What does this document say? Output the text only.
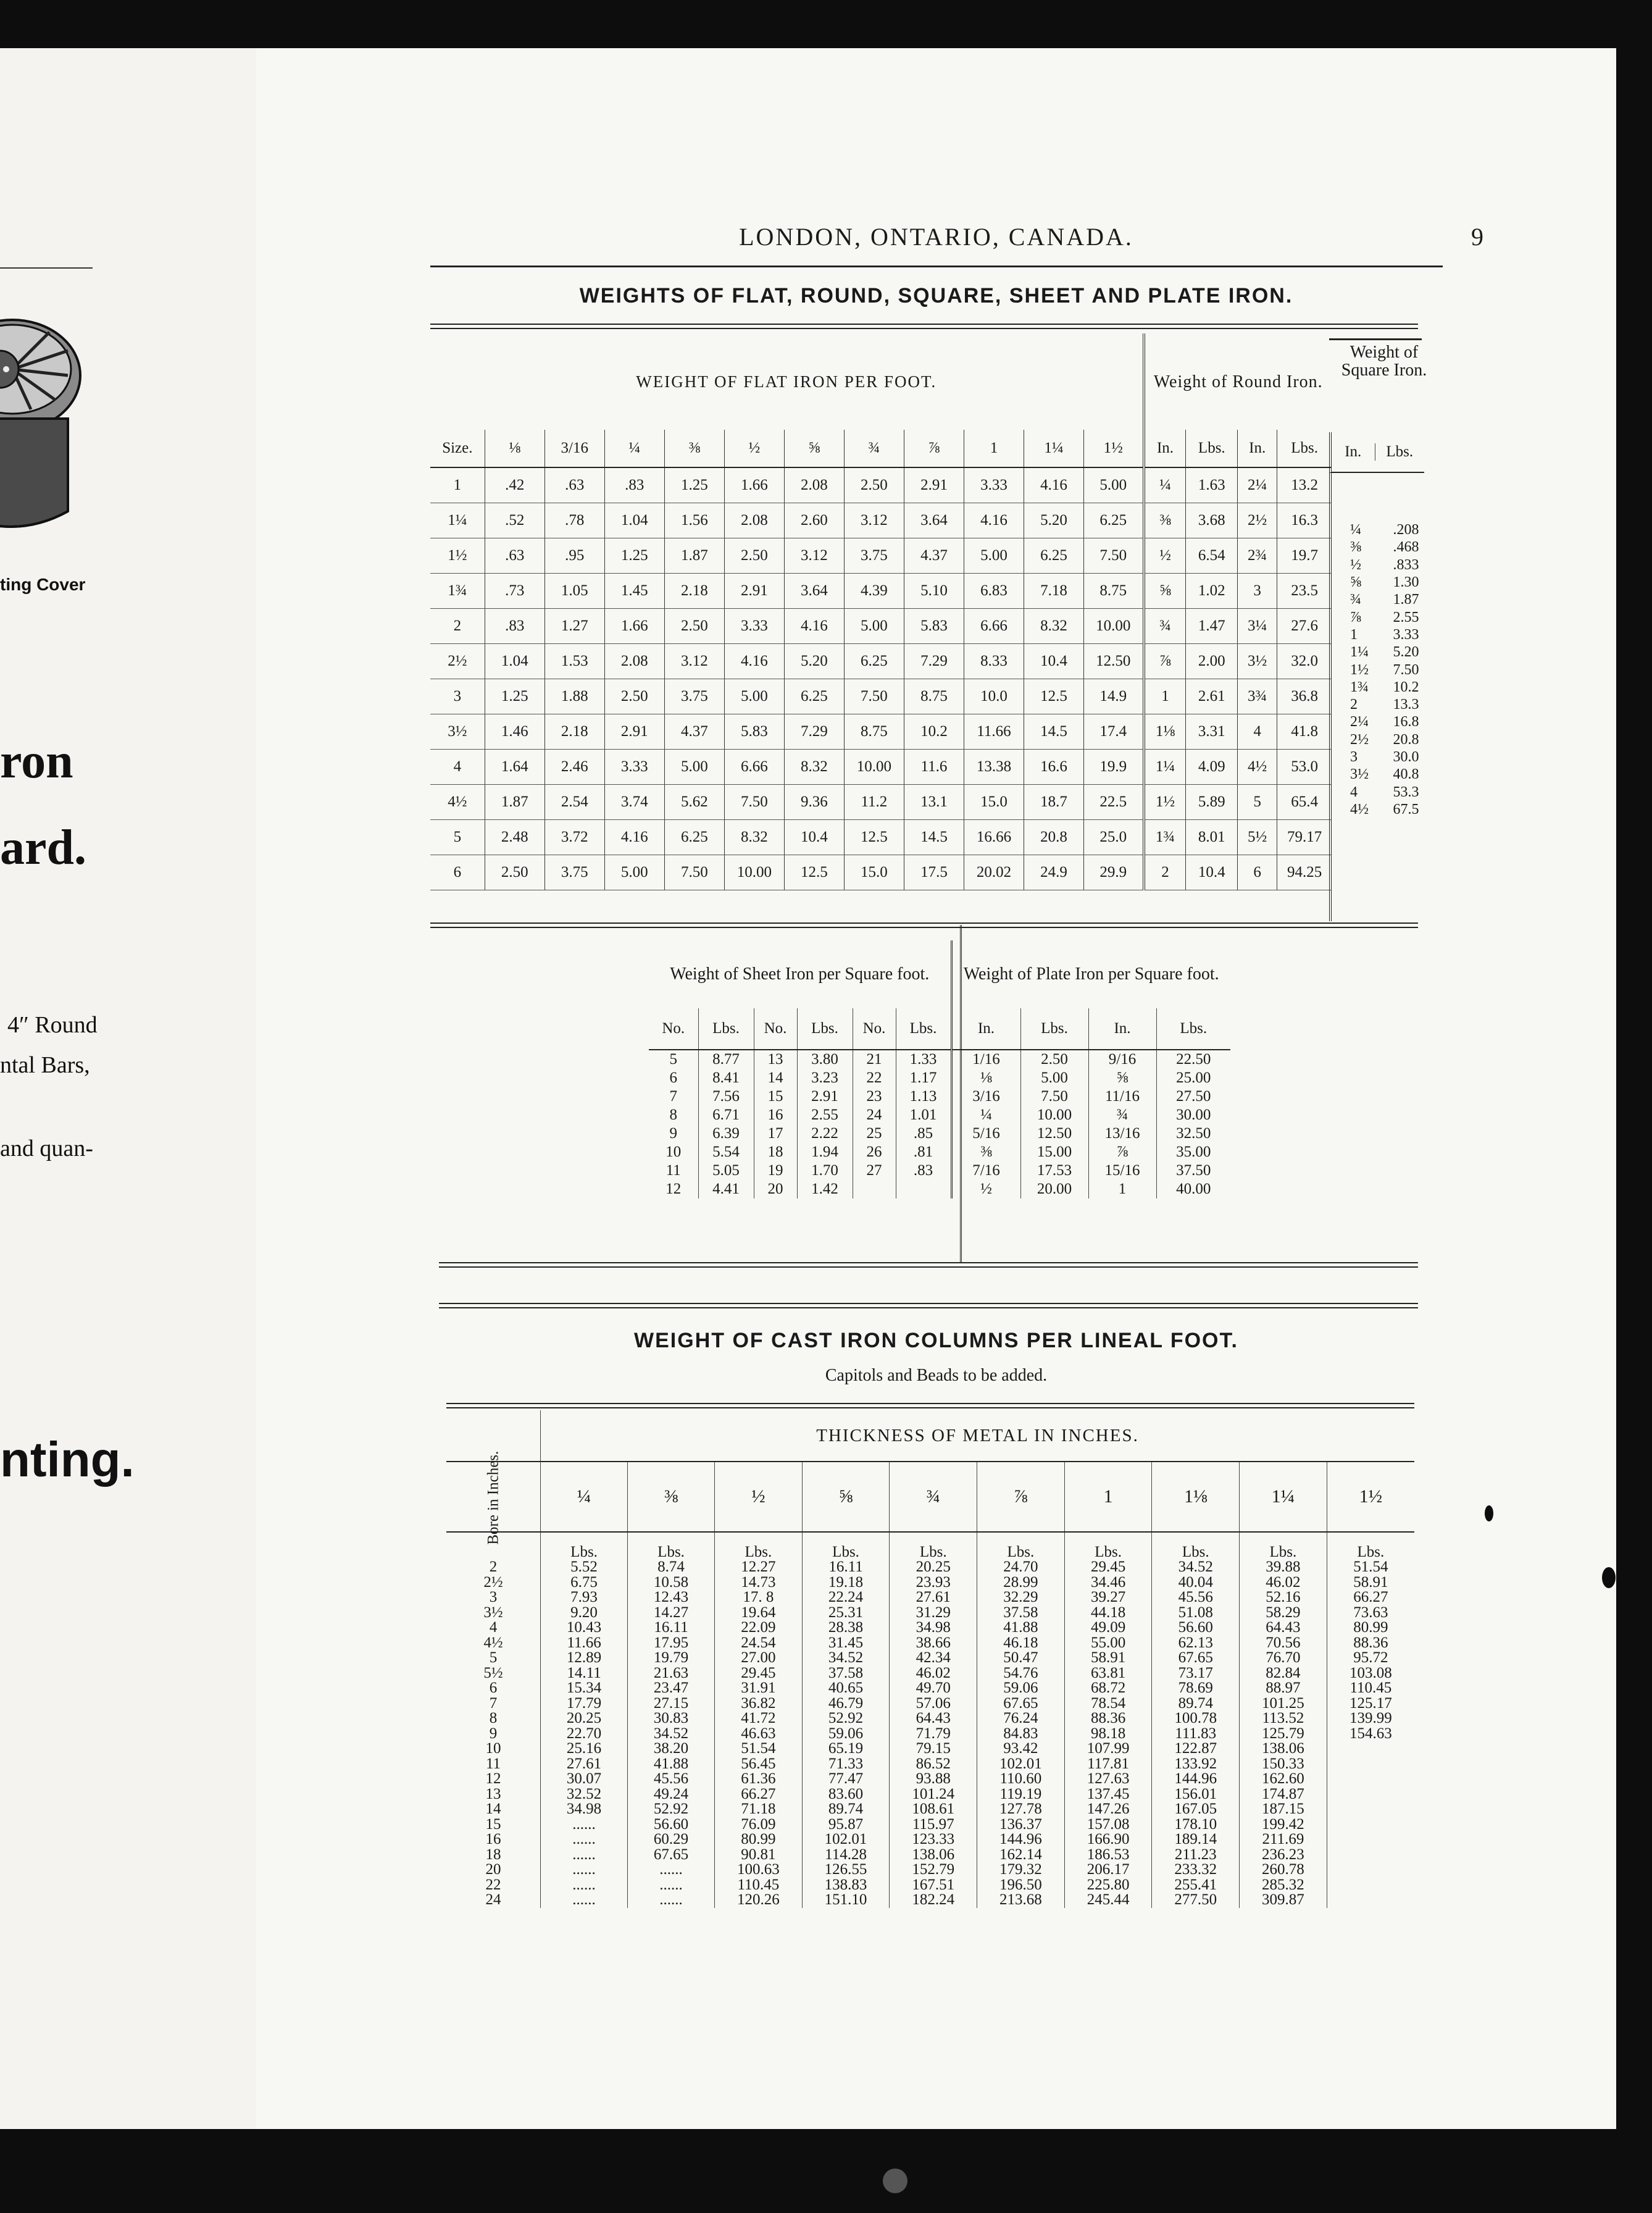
ting Cover
ron
ard.
4″ Round
ntal Bars,
and quan-
nting.
LONDON, ONTARIO, CANADA.	9
WEIGHTS OF FLAT, ROUND, SQUARE, SHEET AND PLATE IRON.
WEIGHT OF FLAT IRON PER FOOT.												Weight of Round Iron.			
Size.	⅛	3/16	¼	⅜	½	⅝	¾	⅞	1	1¼	1½	In.	Lbs.	In.	Lbs.
1	.42	.63	.83	1.25	1.66	2.08	2.50	2.91	3.33	4.16	5.00	¼	1.63	2¼	13.2
1¼	.52	.78	1.04	1.56	2.08	2.60	3.12	3.64	4.16	5.20	6.25	⅜	3.68	2½	16.3
1½	.63	.95	1.25	1.87	2.50	3.12	3.75	4.37	5.00	6.25	7.50	½	6.54	2¾	19.7
1¾	.73	1.05	1.45	2.18	2.91	3.64	4.39	5.10	6.83	7.18	8.75	⅝	1.02	3	23.5
2	.83	1.27	1.66	2.50	3.33	4.16	5.00	5.83	6.66	8.32	10.00	¾	1.47	3¼	27.6
2½	1.04	1.53	2.08	3.12	4.16	5.20	6.25	7.29	8.33	10.4	12.50	⅞	2.00	3½	32.0
3	1.25	1.88	2.50	3.75	5.00	6.25	7.50	8.75	10.0	12.5	14.9	1	2.61	3¾	36.8
3½	1.46	2.18	2.91	4.37	5.83	7.29	8.75	10.2	11.66	14.5	17.4	1⅛	3.31	4	41.8
4	1.64	2.46	3.33	5.00	6.66	8.32	10.00	11.6	13.38	16.6	19.9	1¼	4.09	4½	53.0
4½	1.87	2.54	3.74	5.62	7.50	9.36	11.2	13.1	15.0	18.7	22.5	1½	5.89	5	65.4
5	2.48	3.72	4.16	6.25	8.32	10.4	12.5	14.5	16.66	20.8	25.0	1¾	8.01	5½	79.17
6	2.50	3.75	5.00	7.50	10.00	12.5	15.0	17.5	20.02	24.9	29.9	2	10.4	6	94.25
Weight of Square Iron.
In.	Lbs.
¼	.208
⅜	.468
½	.833
⅝	1.30
¾	1.87
⅞	2.55
1	3.33
1¼	5.20
1½	7.50
1¾	10.2
2	13.3
2¼	16.8
2½	20.8
3	30.0
3½	40.8
4	53.3
4½	67.5
Weight of Sheet Iron per Square foot.						Weight of Plate Iron per Square foot.			
No.	Lbs.	No.	Lbs.	No.	Lbs.	In.	Lbs.	In.	Lbs.
5	8.77	13	3.80	21	1.33	1/16	2.50	9/16	22.50
6	8.41	14	3.23	22	1.17	⅛	5.00	⅝	25.00
7	7.56	15	2.91	23	1.13	3/16	7.50	11/16	27.50
8	6.71	16	2.55	24	1.01	¼	10.00	¾	30.00
9	6.39	17	2.22	25	.85	5/16	12.50	13/16	32.50
10	5.54	18	1.94	26	.81	⅜	15.00	⅞	35.00
11	5.05	19	1.70	27	.83	7/16	17.53	15/16	37.50
12	4.41	20	1.42			½	20.00	1	40.00
WEIGHT OF CAST IRON COLUMNS PER LINEAL FOOT.
Capitols and Beads to be added.
	THICKNESS OF METAL IN INCHES.									
Bore in Inches.	¼	⅜	½	⅝	¾	⅞	1	1⅛	1¼	1½
	Lbs.	Lbs.	Lbs.	Lbs.	Lbs.	Lbs.	Lbs.	Lbs.	Lbs.	Lbs.
2	5.52	8.74	12.27	16.11	20.25	24.70	29.45	34.52	39.88	51.54
2½	6.75	10.58	14.73	19.18	23.93	28.99	34.46	40.04	46.02	58.91
3	7.93	12.43	17. 8	22.24	27.61	32.29	39.27	45.56	52.16	66.27
3½	9.20	14.27	19.64	25.31	31.29	37.58	44.18	51.08	58.29	73.63
4	10.43	16.11	22.09	28.38	34.98	41.88	49.09	56.60	64.43	80.99
4½	11.66	17.95	24.54	31.45	38.66	46.18	55.00	62.13	70.56	88.36
5	12.89	19.79	27.00	34.52	42.34	50.47	58.91	67.65	76.70	95.72
5½	14.11	21.63	29.45	37.58	46.02	54.76	63.81	73.17	82.84	103.08
6	15.34	23.47	31.91	40.65	49.70	59.06	68.72	78.69	88.97	110.45
7	17.79	27.15	36.82	46.79	57.06	67.65	78.54	89.74	101.25	125.17
8	20.25	30.83	41.72	52.92	64.43	76.24	88.36	100.78	113.52	139.99
9	22.70	34.52	46.63	59.06	71.79	84.83	98.18	111.83	125.79	154.63
10	25.16	38.20	51.54	65.19	79.15	93.42	107.99	122.87	138.06	
11	27.61	41.88	56.45	71.33	86.52	102.01	117.81	133.92	150.33	
12	30.07	45.56	61.36	77.47	93.88	110.60	127.63	144.96	162.60	
13	32.52	49.24	66.27	83.60	101.24	119.19	137.45	156.01	174.87	
14	34.98	52.92	71.18	89.74	108.61	127.78	147.26	167.05	187.15	
15	......	56.60	76.09	95.87	115.97	136.37	157.08	178.10	199.42	
16	......	60.29	80.99	102.01	123.33	144.96	166.90	189.14	211.69	
18	......	67.65	90.81	114.28	138.06	162.14	186.53	211.23	236.23	
20	......	......	100.63	126.55	152.79	179.32	206.17	233.32	260.78	
22	......	......	110.45	138.83	167.51	196.50	225.80	255.41	285.32	
24	......	......	120.26	151.10	182.24	213.68	245.44	277.50	309.87	
